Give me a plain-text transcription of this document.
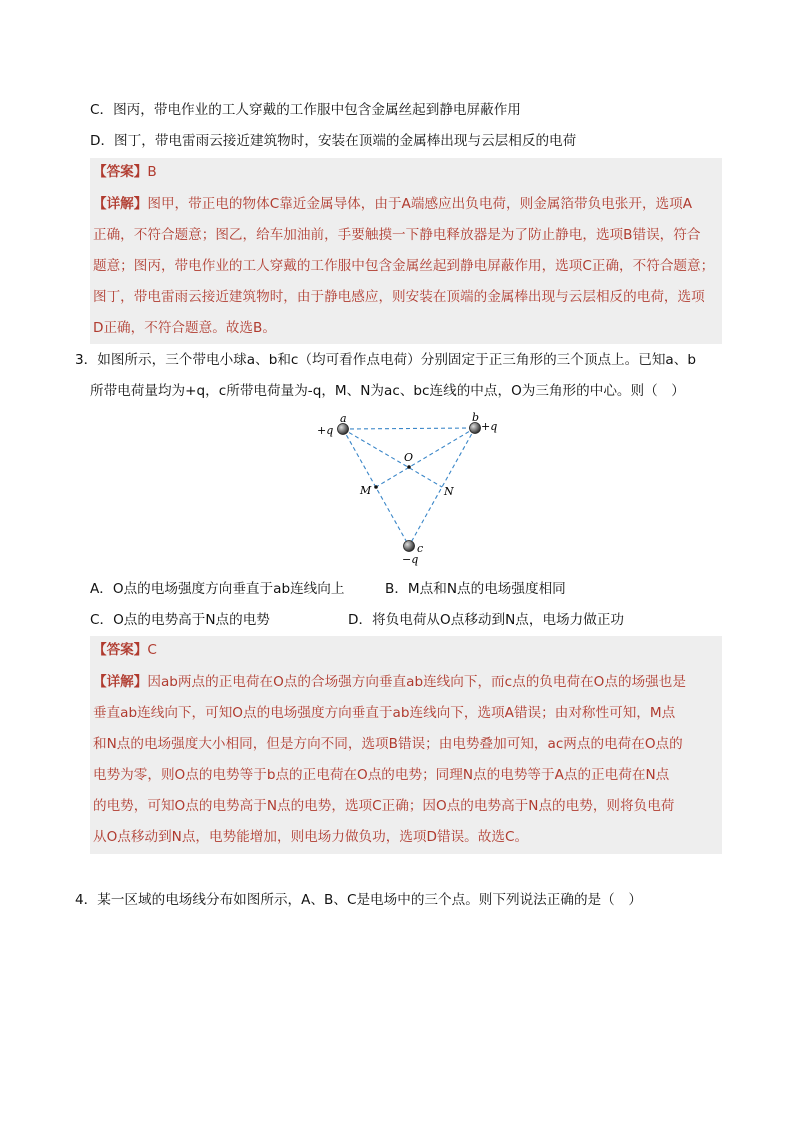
C．图丙，带电作业的工人穿戴的工作服中包含金属丝起到静电屏蔽作用
D．图丁，带电雷雨云接近建筑物时，安装在顶端的金属棒出现与云层相反的电荷
【答案】B
【详解】图甲，带正电的物体C靠近金属导体，由于A端感应出负电荷，则金属箔带负电张开，选项A
正确，不符合题意；图乙，给车加油前，手要触摸一下静电释放器是为了防止静电，选项B错误，符合
题意；图丙，带电作业的工人穿戴的工作服中包含金属丝起到静电屏蔽作用，选项C正确，不符合题意；
图丁，带电雷雨云接近建筑物时，由于静电感应，则安装在顶端的金属棒出现与云层相反的电荷，选项
D正确，不符合题意。故选B。
3．如图所示，三个带电小球a、b和c（均可看作点电荷）分别固定于正三角形的三个顶点上。已知a、b
所带电荷量均为+q，c所带电荷量为-q，M、N为ac、bc连线的中点，O为三角形的中心。则（　）
a
+q
b
+q
O
M	N
c
−q
A．O点的电场强度方向垂直于ab连线向上	B．M点和N点的电场强度相同
C．O点的电势高于N点的电势	D．将负电荷从O点移动到N点，电场力做正功
【答案】C
【详解】因ab两点的正电荷在O点的合场强方向垂直ab连线向下，而c点的负电荷在O点的场强也是
垂直ab连线向下，可知O点的电场强度方向垂直于ab连线向下，选项A错误；由对称性可知，M点
和N点的电场强度大小相同，但是方向不同，选项B错误；由电势叠加可知，ac两点的电荷在O点的
电势为零，则O点的电势等于b点的正电荷在O点的电势；同理N点的电势等于A点的正电荷在N点
的电势，可知O点的电势高于N点的电势，选项C正确；因O点的电势高于N点的电势，则将负电荷
从O点移动到N点，电势能增加，则电场力做负功，选项D错误。故选C。
4．某一区域的电场线分布如图所示，A、B、C是电场中的三个点。则下列说法正确的是（　）
